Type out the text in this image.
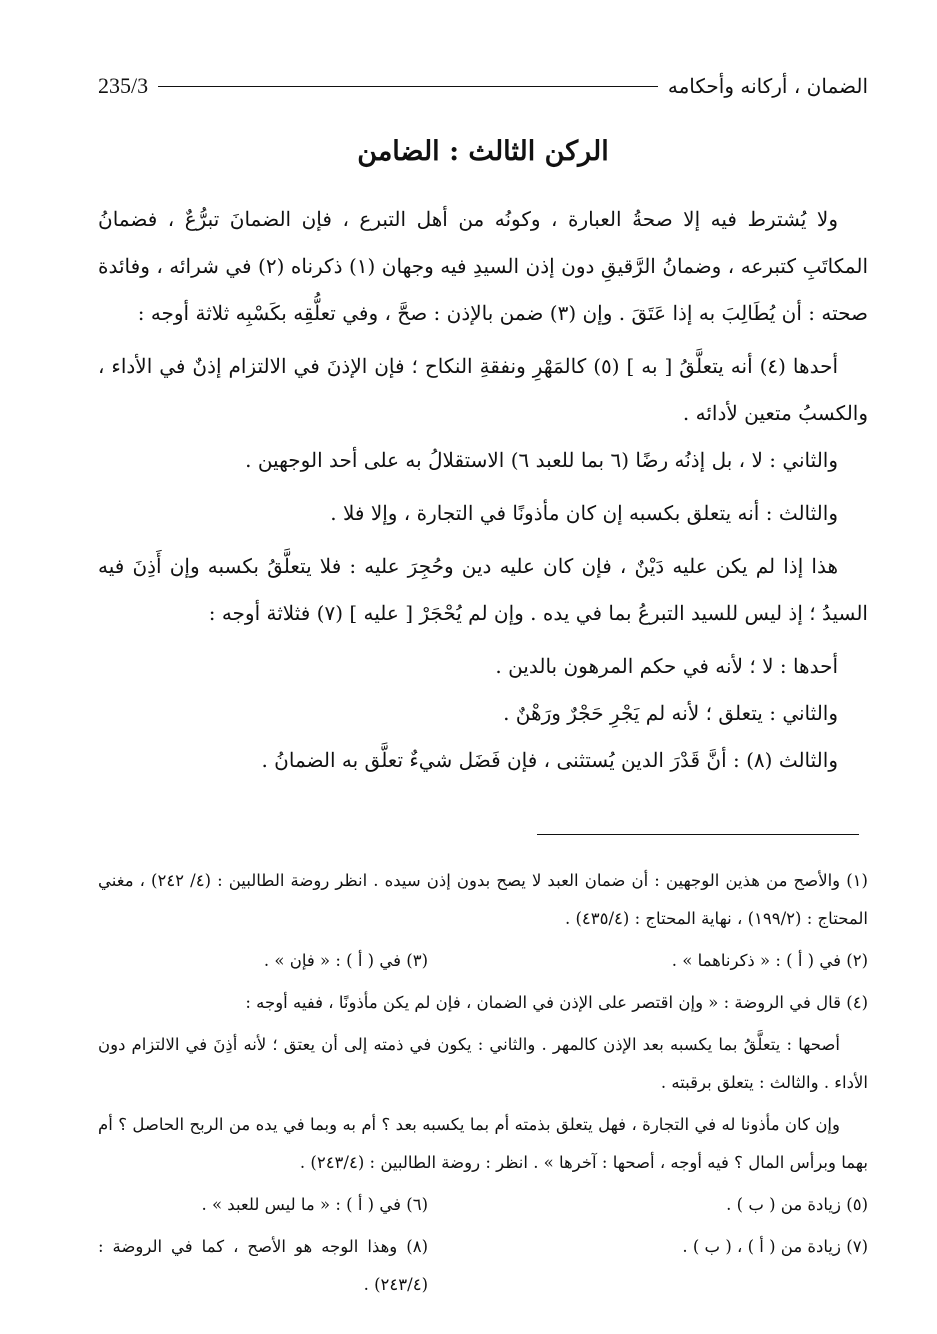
235/3	الضمان ، أركانه وأحكامه
الركن الثالث : الضامن

ولا يُشترط فيه إلا صحةُ العبارة ، وكونُه من أهل التبرع ، فإن الضمانَ تبرُّعٌ ، فضمانُ المكاتَبِ كتبرعه ، وضمانُ الرَّقيقِ دون إذن السيدِ فيه وجهان (١) ذكرناه (٢) في شرائه ، وفائدة صحته : أن يُطَالِبَ به إذا عَتَقَ . وإن (٣) ضمن بالإذن : صحَّ ، وفي تعلُّقِه بكَسْبِه ثلاثة أوجه :

أحدها (٤) أنه يتعلَّقُ [ به ] (٥) كالمَهْرِ ونفقةِ النكاح ؛ فإن الإذنَ في الالتزام إذنٌ في الأداء ، والكسبُ متعين لأدائه .

والثاني : لا ، بل إذنُه رضًا (٦ بما للعبد ٦) الاستقلالُ به على أحد الوجهين .

والثالث : أنه يتعلق بكسبه إن كان مأذونًا في التجارة ، وإلا فلا .

هذا إذا لم يكن عليه دَيْنٌ ، فإن كان عليه دين وحُجِرَ عليه : فلا يتعلَّقُ بكسبه وإن أَذِنَ فيه السيدُ ؛ إذ ليس للسيد التبرعُ بما في يده . وإن لم يُحْجَرْ [ عليه ] (٧) فثلاثة أوجه :

أحدها : لا ؛ لأنه في حكم المرهون بالدين .

والثاني : يتعلق ؛ لأنه لم يَجْرِ حَجْرٌ ورَهْنٌ .

والثالث (٨) : أنَّ قَدْرَ الدين يُستثنى ، فإن فَضَل شيءٌ تعلَّق به الضمانُ .

(١) والأصح من هذين الوجهين : أن ضمان العبد لا يصح بدون إذن سيده . انظر روضة الطالبين : (٤/ ٢٤٢) ، مغني المحتاج : (١٩٩/٢) ، نهاية المحتاج : (٤٣٥/٤) .

(٢) في ( أ ) : « ذكرناهما » .
(٣) في ( أ ) : « فإن » .

(٤) قال في الروضة : « وإن اقتصر على الإذن في الضمان ، فإن لم يكن مأذونًا ، ففيه أوجه :

أصحها : يتعلَّقُ بما يكسبه بعد الإذن كالمهر . والثاني : يكون في ذمته إلى أن يعتق ؛ لأنه أذِنَ في الالتزام دون الأداء . والثالث : يتعلق برقبته .

وإن كان مأذونا له في التجارة ، فهل يتعلق بذمته أم بما يكسبه بعد ؟ أم به وبما في يده من الربح الحاصل ؟ أم بهما وبرأس المال ؟ فيه أوجه ، أصحها : آخرها » . انظر : روضة الطالبين : (٢٤٣/٤) .

(٥) زيادة من ( ب ) .
(٦) في ( أ ) : « ما ليس للعبد » .
(٧) زيادة من ( أ ) ، ( ب ) .
(٨) وهذا الوجه هو الأصح ، كما في الروضة : (٢٤٣/٤) .
